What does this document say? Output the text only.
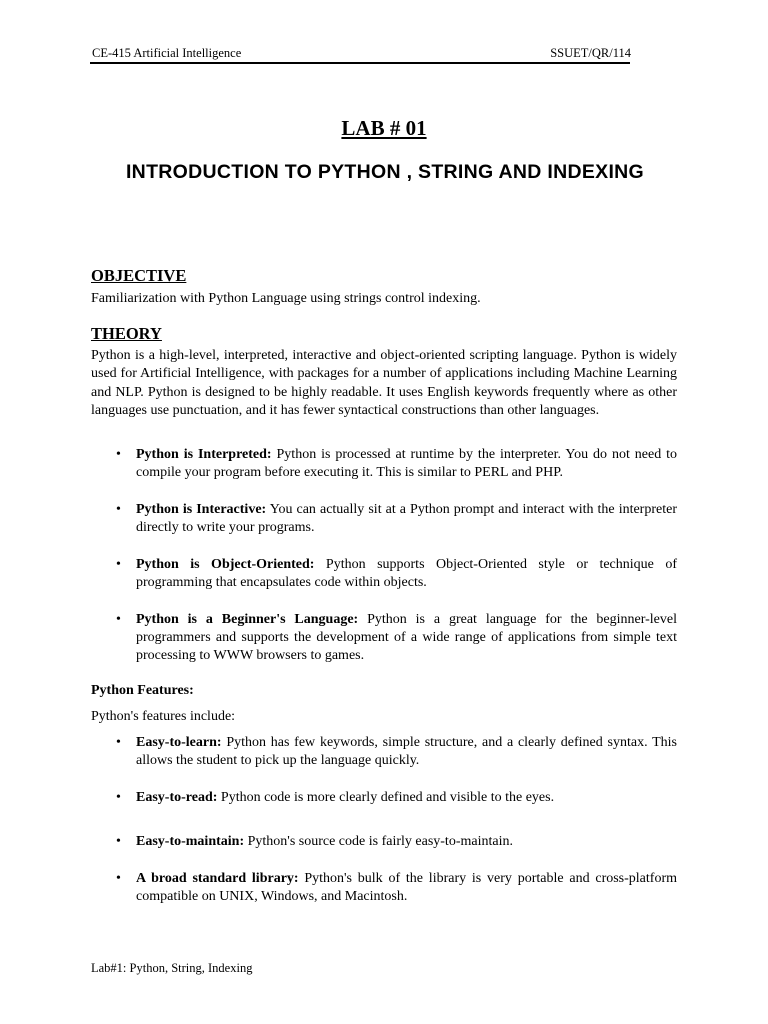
CE-415 Artificial Intelligence	SSUET/QR/114
LAB # 01
INTRODUCTION TO PYTHON , STRING AND INDEXING
OBJECTIVE
Familiarization with Python Language using strings control indexing.
THEORY
Python is a high-level, interpreted, interactive and object-oriented scripting language. Python is widely used for Artificial Intelligence, with packages for a number of applications including Machine Learning and NLP. Python is designed to be highly readable. It uses English keywords frequently where as other languages use punctuation, and it has fewer syntactical constructions than other languages.
• Python is Interpreted: Python is processed at runtime by the interpreter. You do not need to compile your program before executing it. This is similar to PERL and PHP.
• Python is Interactive: You can actually sit at a Python prompt and interact with the interpreter directly to write your programs.
• Python is Object-Oriented: Python supports Object-Oriented style or technique of programming that encapsulates code within objects.
• Python is a Beginner's Language: Python is a great language for the beginner-level programmers and supports the development of a wide range of applications from simple text processing to WWW browsers to games.
Python Features:
Python's features include:
• Easy-to-learn: Python has few keywords, simple structure, and a clearly defined syntax. This allows the student to pick up the language quickly.
• Easy-to-read: Python code is more clearly defined and visible to the eyes.
• Easy-to-maintain: Python's source code is fairly easy-to-maintain.
• A broad standard library: Python's bulk of the library is very portable and cross-platform compatible on UNIX, Windows, and Macintosh.
Lab#1: Python, String, Indexing
